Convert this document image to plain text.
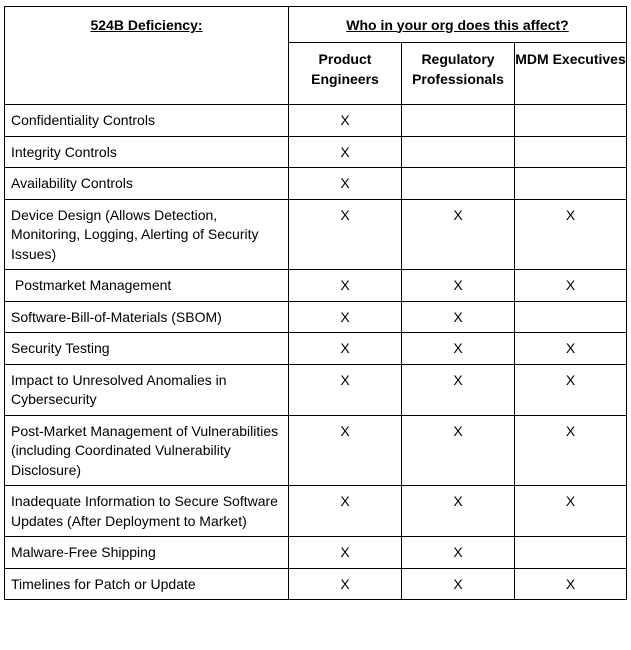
524B Deficiency:	Who in your org does this affect?		
	Product Engineers	Regulatory Professionals	MDM Executives
Confidentiality Controls	X		
Integrity Controls	X		
Availability Controls	X		
Device Design (Allows Detection, Monitoring, Logging, Alerting of Security Issues)	X	X	X
Postmarket Management	X	X	X
Software-Bill-of-Materials (SBOM)	X	X	
Security Testing	X	X	X
Impact to Unresolved Anomalies in Cybersecurity	X	X	X
Post-Market Management of Vulnerabilities (including Coordinated Vulnerability Disclosure)	X	X	X
Inadequate Information to Secure Software Updates (After Deployment to Market)	X	X	X
Malware-Free Shipping	X	X	
Timelines for Patch or Update	X	X	X
